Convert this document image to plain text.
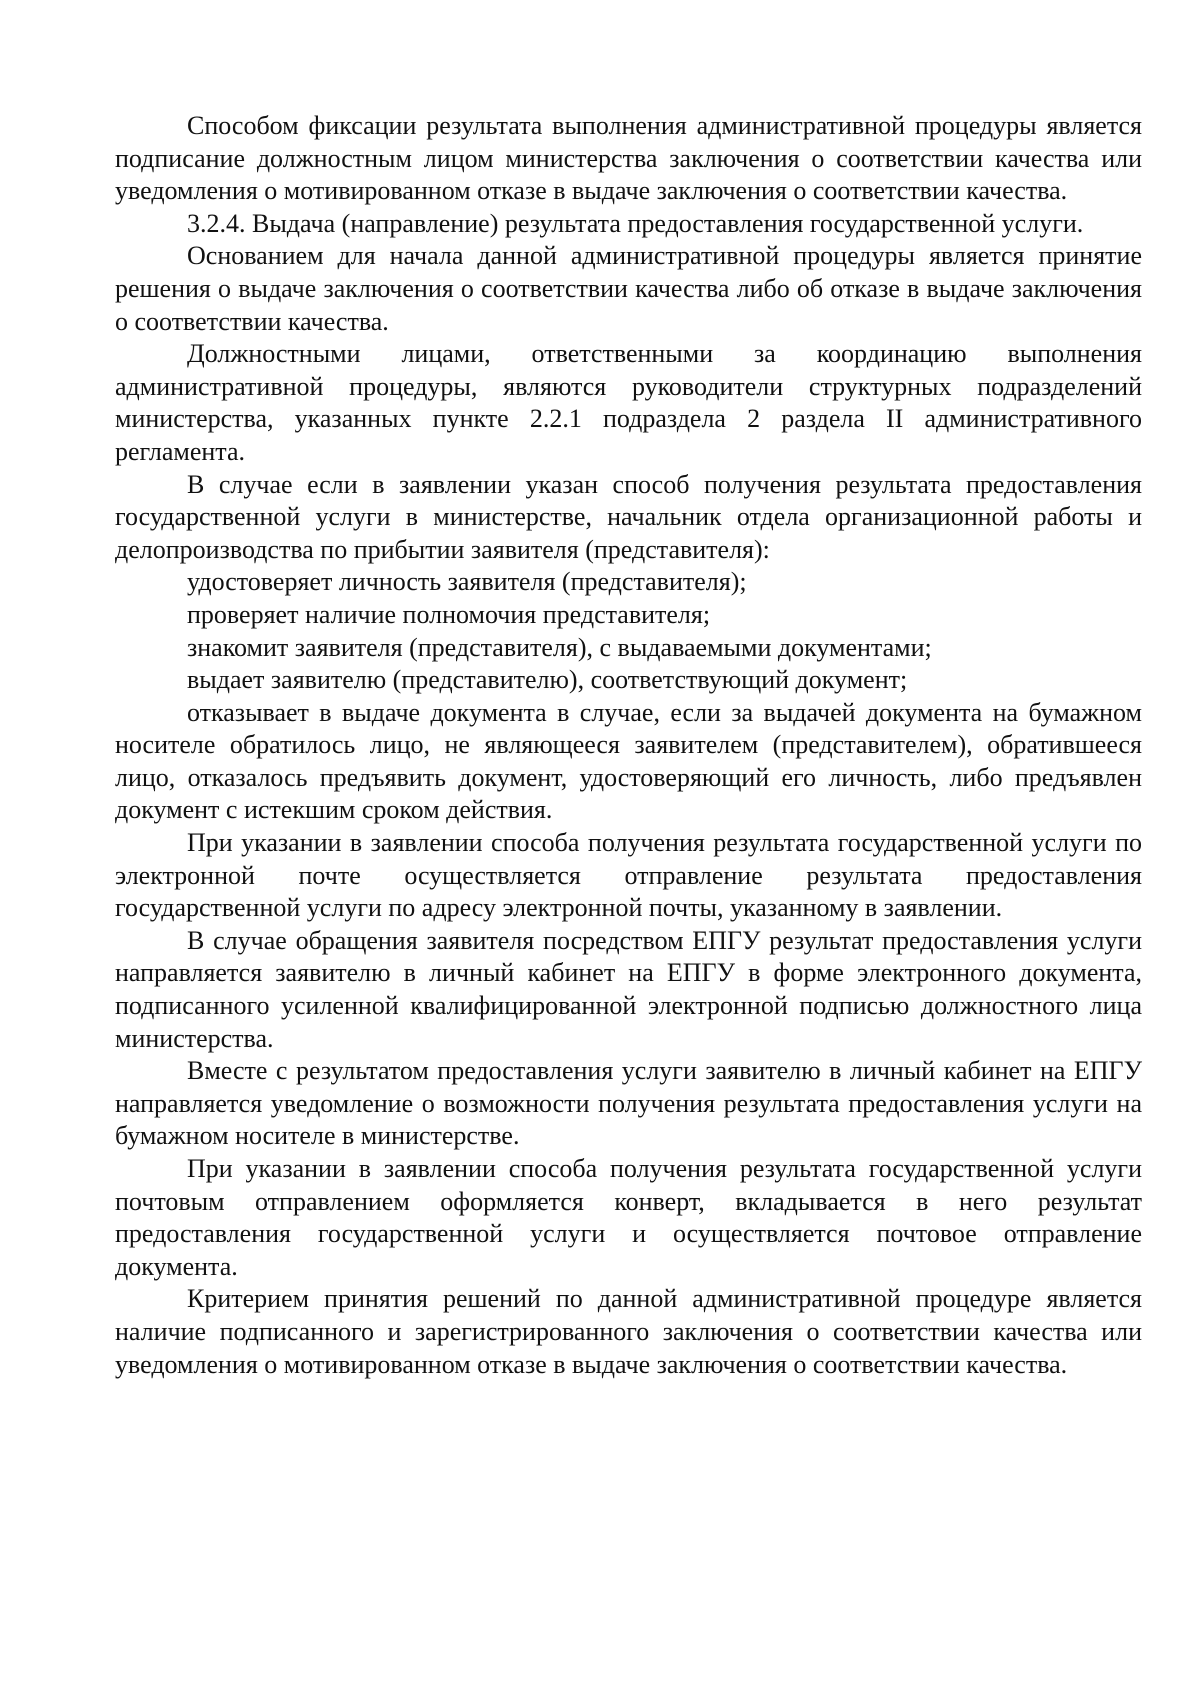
Способом фиксации результата выполнения административной процедуры является подписание должностным лицом министерства заключения о соответствии качества или уведомления о мотивированном отказе в выдаче заключения о соответствии качества.

3.2.4. Выдача (направление) результата предоставления государственной услуги.

Основанием для начала данной административной процедуры является принятие решения о выдаче заключения о соответствии качества либо об отказе в выдаче заключения о соответствии качества.

Должностными лицами, ответственными за координацию выполнения административной процедуры, являются руководители структурных подразделений министерства, указанных пункте 2.2.1 подраздела 2 раздела II административного регламента.

В случае если в заявлении указан способ получения результата предоставления государственной услуги в министерстве, начальник отдела организационной работы и делопроизводства по прибытии заявителя (представителя):

удостоверяет личность заявителя (представителя);

проверяет наличие полномочия представителя;

знакомит заявителя (представителя), с выдаваемыми документами;

выдает заявителю (представителю), соответствующий документ;

отказывает в выдаче документа в случае, если за выдачей документа на бумажном носителе обратилось лицо, не являющееся заявителем (представителем), обратившееся лицо, отказалось предъявить документ, удостоверяющий его личность, либо предъявлен документ с истекшим сроком действия.

При указании в заявлении способа получения результата государственной услуги по электронной почте осуществляется отправление результата предоставления государственной услуги по адресу электронной почты, указанному в заявлении.

В случае обращения заявителя посредством ЕПГУ результат предоставления услуги направляется заявителю в личный кабинет на ЕПГУ в форме электронного документа, подписанного усиленной квалифицированной электронной подписью должностного лица министерства.

Вместе с результатом предоставления услуги заявителю в личный кабинет на ЕПГУ направляется уведомление о возможности получения результата предоставления услуги на бумажном носителе в министерстве.

При указании в заявлении способа получения результата государственной услуги почтовым отправлением оформляется конверт, вкладывается в него результат предоставления государственной услуги и осуществляется почтовое отправление документа.

Критерием принятия решений по данной административной процедуре является наличие подписанного и зарегистрированного заключения о соответствии качества или уведомления о мотивированном отказе в выдаче заключения о соответствии качества.
